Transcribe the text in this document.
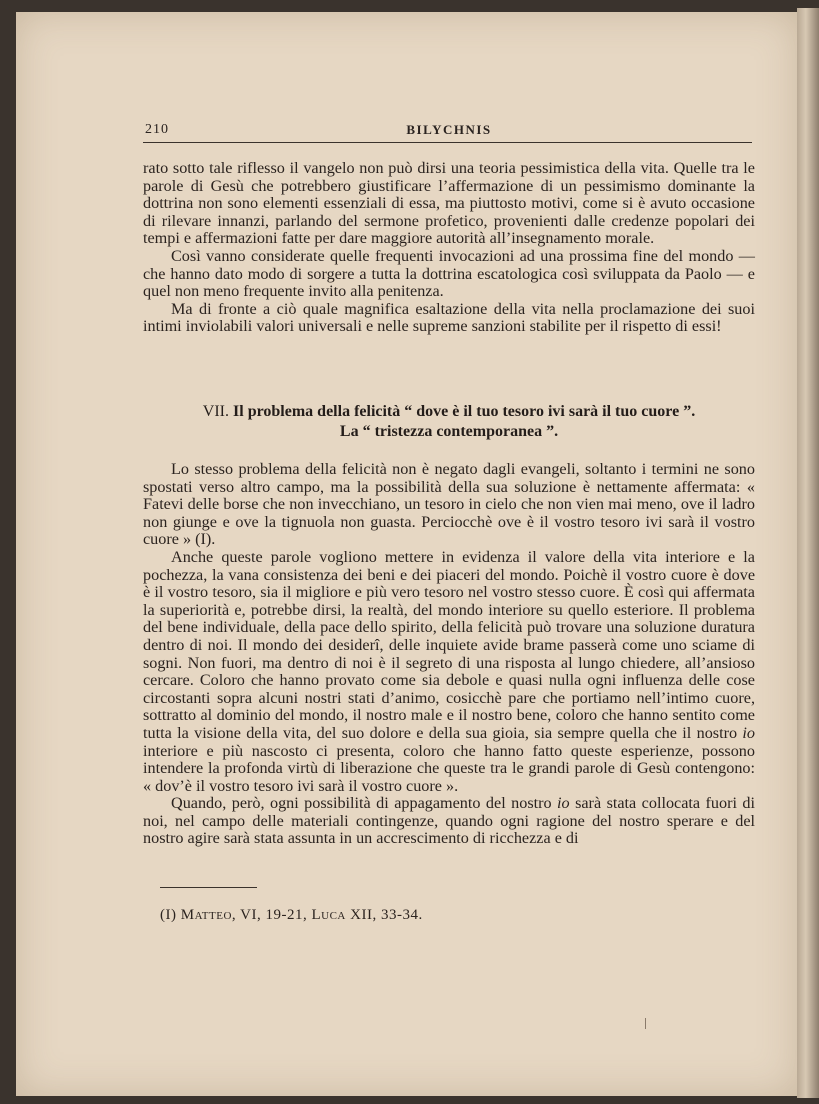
210	BILYCHNIS

rato sotto tale riflesso il vangelo non può dirsi una teoria pessimistica della vita. Quelle tra le parole di Gesù che potrebbero giustificare l’affermazione di un pessimismo dominante la dottrina non sono elementi essenziali di essa, ma piuttosto motivi, come si è avuto occasione di rilevare innanzi, parlando del sermone profetico, provenienti dalle credenze popolari dei tempi e affermazioni fatte per dare maggiore autorità all’insegnamento morale.

Così vanno considerate quelle frequenti invocazioni ad una prossima fine del mondo — che hanno dato modo di sorgere a tutta la dottrina escatologica così sviluppata da Paolo — e quel non meno frequente invito alla penitenza.

Ma di fronte a ciò quale magnifica esaltazione della vita nella proclamazione dei suoi intimi inviolabili valori universali e nelle supreme sanzioni stabilite per il rispetto di essi!

VII. Il problema della felicità “ dove è il tuo tesoro ivi sarà il tuo cuore ”.
La “ tristezza contemporanea ”.

Lo stesso problema della felicità non è negato dagli evangeli, soltanto i termini ne sono spostati verso altro campo, ma la possibilità della sua soluzione è nettamente affermata: « Fatevi delle borse che non invecchiano, un tesoro in cielo che non vien mai meno, ove il ladro non giunge e ove la tignuola non guasta. Perciocchè ove è il vostro tesoro ivi sarà il vostro cuore » (I).

Anche queste parole vogliono mettere in evidenza il valore della vita interiore e la pochezza, la vana consistenza dei beni e dei piaceri del mondo. Poichè il vostro cuore è dove è il vostro tesoro, sia il migliore e più vero tesoro nel vostro stesso cuore. È così qui affermata la superiorità e, potrebbe dirsi, la realtà, del mondo interiore su quello esteriore. Il problema del bene individuale, della pace dello spirito, della felicità può trovare una soluzione duratura dentro di noi. Il mondo dei desiderî, delle inquiete avide brame passerà come uno sciame di sogni. Non fuori, ma dentro di noi è il segreto di una risposta al lungo chiedere, all’ansioso cercare. Coloro che hanno provato come sia debole e quasi nulla ogni influenza delle cose circostanti sopra alcuni nostri stati d’animo, cosicchè pare che portiamo nell’intimo cuore, sottratto al dominio del mondo, il nostro male e il nostro bene, coloro che hanno sentito come tutta la visione della vita, del suo dolore e della sua gioia, sia sempre quella che il nostro io interiore e più nascosto ci presenta, coloro che hanno fatto queste esperienze, possono intendere la profonda virtù di liberazione che queste tra le grandi parole di Gesù contengono: « dov’è il vostro tesoro ivi sarà il vostro cuore ».

Quando, però, ogni possibilità di appagamento del nostro io sarà stata collocata fuori di noi, nel campo delle materiali contingenze, quando ogni ragione del nostro sperare e del nostro agire sarà stata assunta in un accrescimento di ricchezza e di

(I) Matteo, VI, 19-21, Luca XII, 33-34.
